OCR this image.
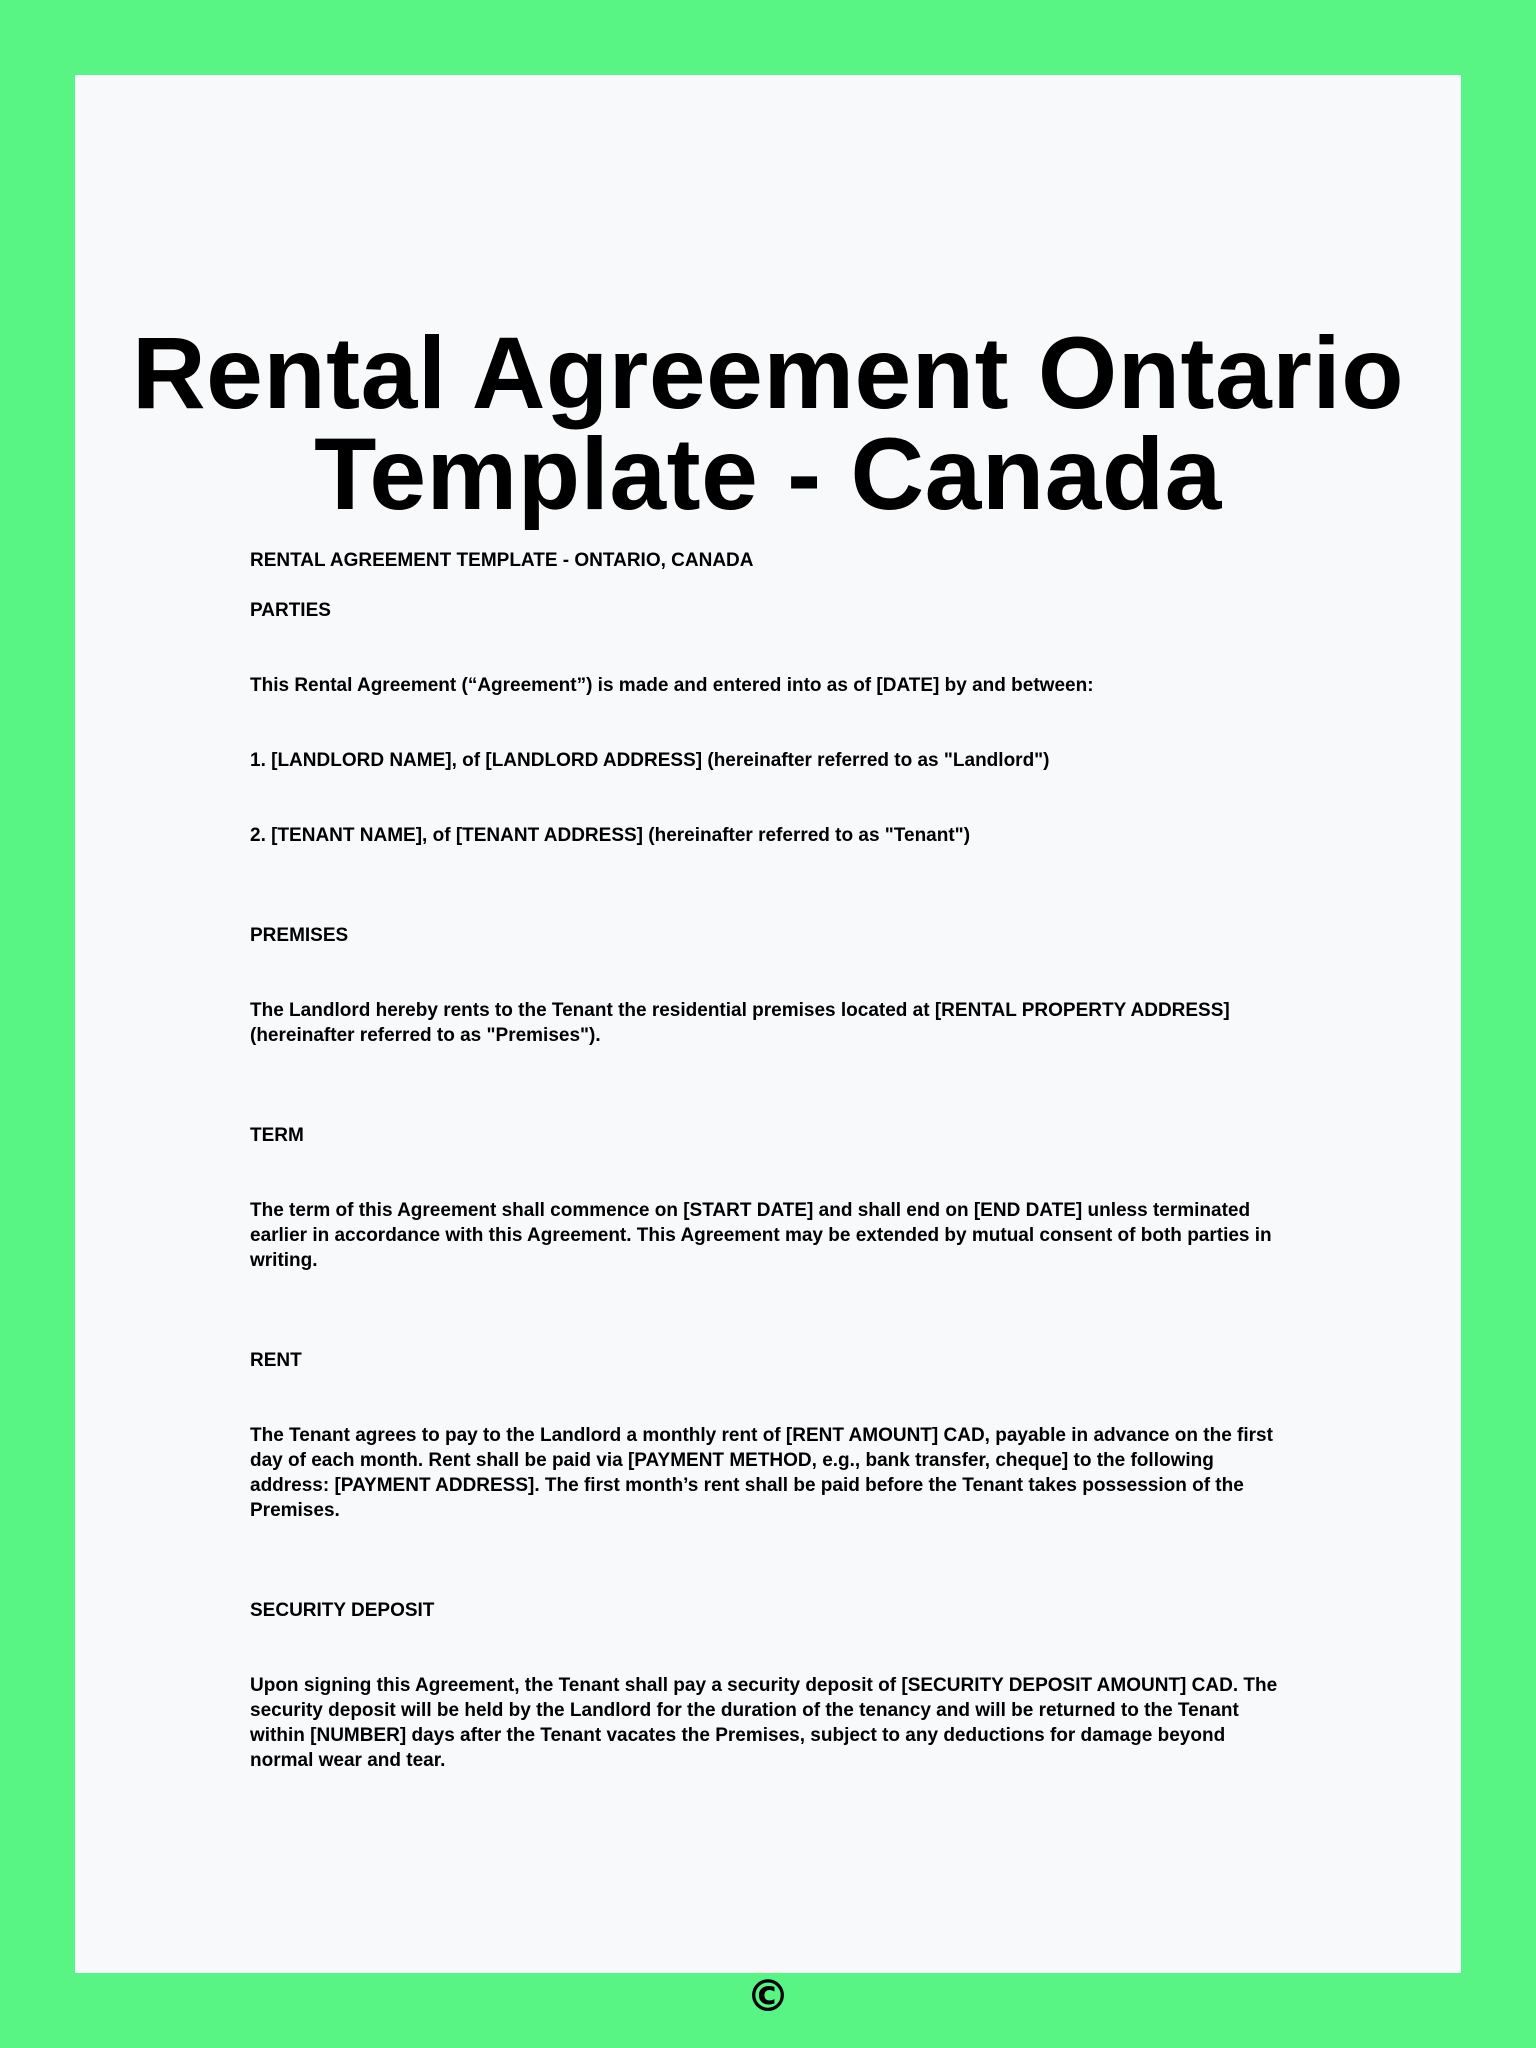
Rental Agreement Ontario
Template - Canada

RENTAL AGREEMENT TEMPLATE - ONTARIO, CANADA

PARTIES

This Rental Agreement (“Agreement”) is made and entered into as of [DATE] by and between:

1. [LANDLORD NAME], of [LANDLORD ADDRESS] (hereinafter referred to as "Landlord")

2. [TENANT NAME], of [TENANT ADDRESS] (hereinafter referred to as "Tenant")

PREMISES

The Landlord hereby rents to the Tenant the residential premises located at [RENTAL PROPERTY ADDRESS] (hereinafter referred to as "Premises").

TERM

The term of this Agreement shall commence on [START DATE] and shall end on [END DATE] unless terminated earlier in accordance with this Agreement. This Agreement may be extended by mutual consent of both parties in writing.

RENT

The Tenant agrees to pay to the Landlord a monthly rent of [RENT AMOUNT] CAD, payable in advance on the first day of each month. Rent shall be paid via [PAYMENT METHOD, e.g., bank transfer, cheque] to the following address: [PAYMENT ADDRESS]. The first month’s rent shall be paid before the Tenant takes possession of the Premises.

SECURITY DEPOSIT

Upon signing this Agreement, the Tenant shall pay a security deposit of [SECURITY DEPOSIT AMOUNT] CAD. The security deposit will be held by the Landlord for the duration of the tenancy and will be returned to the Tenant within [NUMBER] days after the Tenant vacates the Premises, subject to any deductions for damage beyond normal wear and tear.

©
